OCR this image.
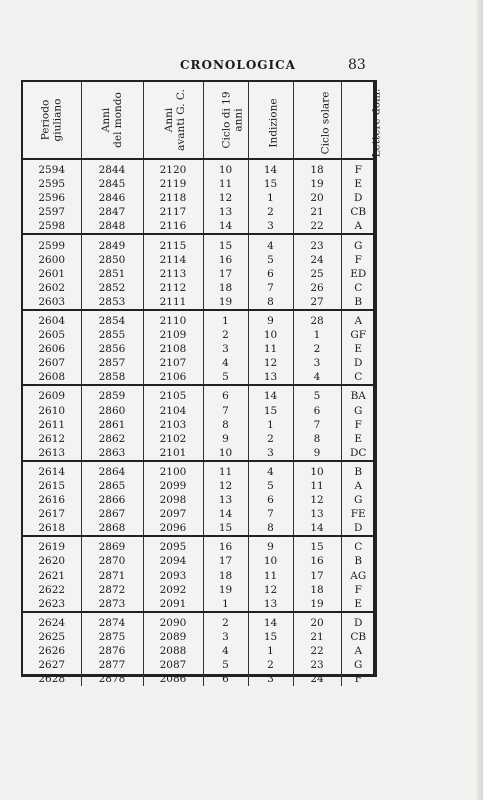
CRONOLOGICA	83
Periodo giuliano	Anni del mondo	Anni avanti G. C.	Ciclo di 19 anni	Indizione	Ciclo solare	Lettere dom.

2594	2844	2120	10	14	18	F
2595	2845	2119	11	15	19	E
2596	2846	2118	12	1	20	D
2597	2847	2117	13	2	21	CB
2598	2848	2116	14	3	22	A
2599	2849	2115	15	4	23	G
2600	2850	2114	16	5	24	F
2601	2851	2113	17	6	25	ED
2602	2852	2112	18	7	26	C
2603	2853	2111	19	8	27	B
2604	2854	2110	1	9	28	A
2605	2855	2109	2	10	1	GF
2606	2856	2108	3	11	2	E
2607	2857	2107	4	12	3	D
2608	2858	2106	5	13	4	C
2609	2859	2105	6	14	5	BA
2610	2860	2104	7	15	6	G
2611	2861	2103	8	1	7	F
2612	2862	2102	9	2	8	E
2613	2863	2101	10	3	9	DC
2614	2864	2100	11	4	10	B
2615	2865	2099	12	5	11	A
2616	2866	2098	13	6	12	G
2617	2867	2097	14	7	13	FE
2618	2868	2096	15	8	14	D
2619	2869	2095	16	9	15	C
2620	2870	2094	17	10	16	B
2621	2871	2093	18	11	17	AG
2622	2872	2092	19	12	18	F
2623	2873	2091	1	13	19	E
2624	2874	2090	2	14	20	D
2625	2875	2089	3	15	21	CB
2626	2876	2088	4	1	22	A
2627	2877	2087	5	2	23	G
2628	2878	2086	6	3	24	F
